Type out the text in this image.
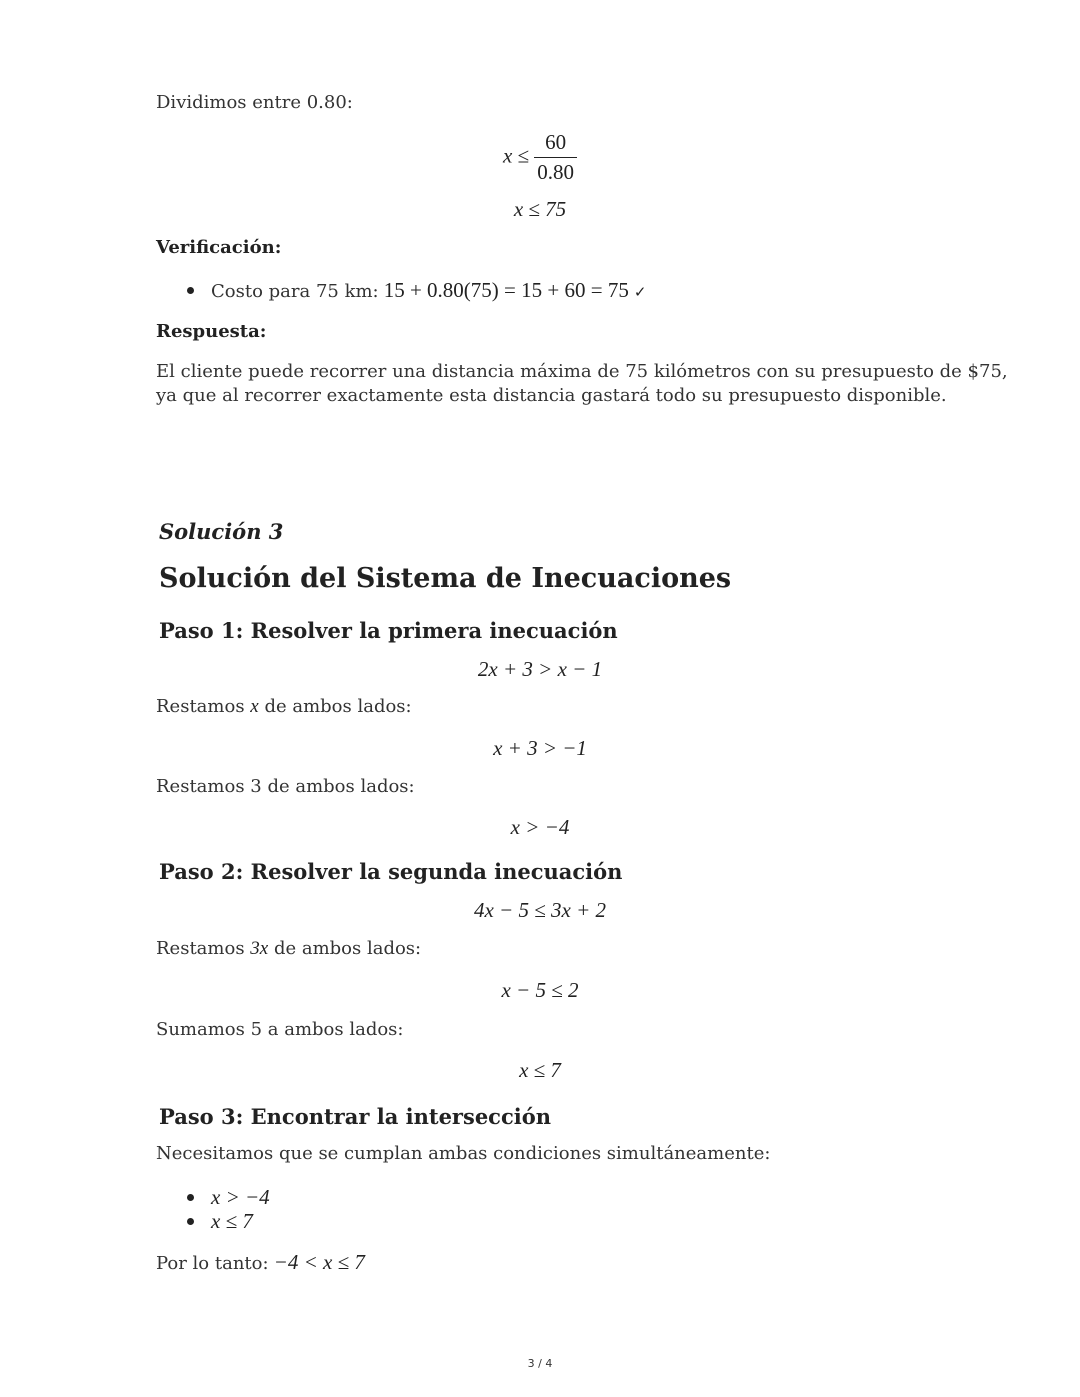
Dividimos entre 0.80:
$x \le \frac{60}{0.80}$
x ≤ 75
Verificación:
Costo para 75 km: 15 + 0.80(75) = 15 + 60 = 75 ✓
Respuesta:
El cliente puede recorrer una distancia máxima de 75 kilómetros con su presupuesto de $75,
ya que al recorrer exactamente esta distancia gastará todo su presupuesto disponible.
Solución 3
Solución del Sistema de Inecuaciones
Paso 1: Resolver la primera inecuación
2x + 3 > x − 1
Restamos x de ambos lados:
x + 3 > −1
Restamos 3 de ambos lados:
x > −4
Paso 2: Resolver la segunda inecuación
4x − 5 ≤ 3x + 2
Restamos 3x de ambos lados:
x − 5 ≤ 2
Sumamos 5 a ambos lados:
x ≤ 7
Paso 3: Encontrar la intersección
Necesitamos que se cumplan ambas condiciones simultáneamente:
x > −4
x ≤ 7
Por lo tanto: −4 < x ≤ 7
3 / 4
